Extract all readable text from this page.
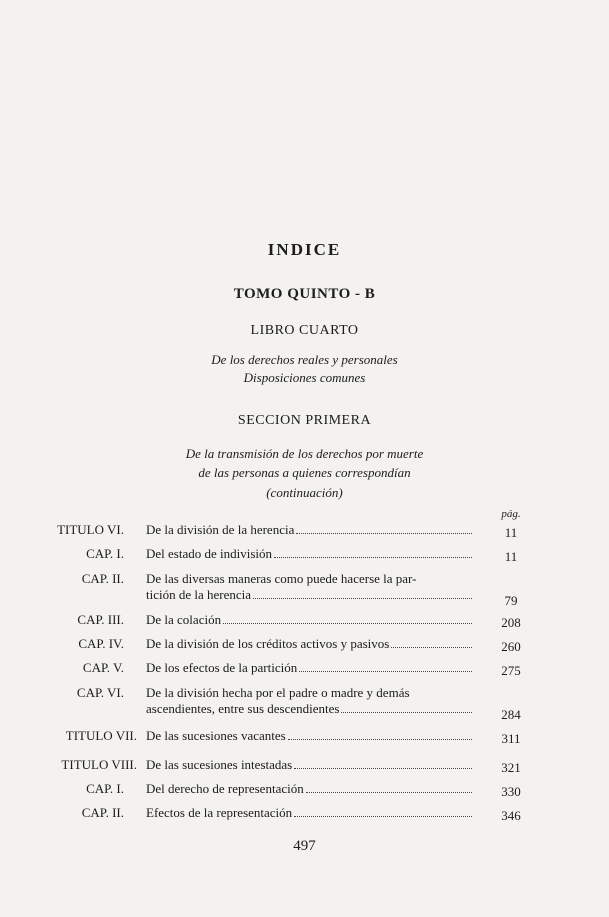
INDICE
TOMO QUINTO - B
LIBRO CUARTO
De los derechos reales y personales
Disposiciones comunes
SECCION PRIMERA
De la transmisión de los derechos por muerte
de las personas a quienes correspondían
(continuación)
pág.
TITULO VI. De la división de la herencia	11
CAP. I. Del estado de indivisión	11
CAP. II. De las diversas maneras como puede hacerse la par-
tición de la herencia	79
CAP. III. De la colación	208
CAP. IV. De la división de los créditos activos y pasivos	260
CAP. V. De los efectos de la partición	275
CAP. VI. De la división hecha por el padre o madre y demás
ascendientes, entre sus descendientes	284
TITULO VII. De las sucesiones vacantes	311
TITULO VIII. De las sucesiones intestadas	321
CAP. I. Del derecho de representación	330
CAP. II. Efectos de la representación	346
497
